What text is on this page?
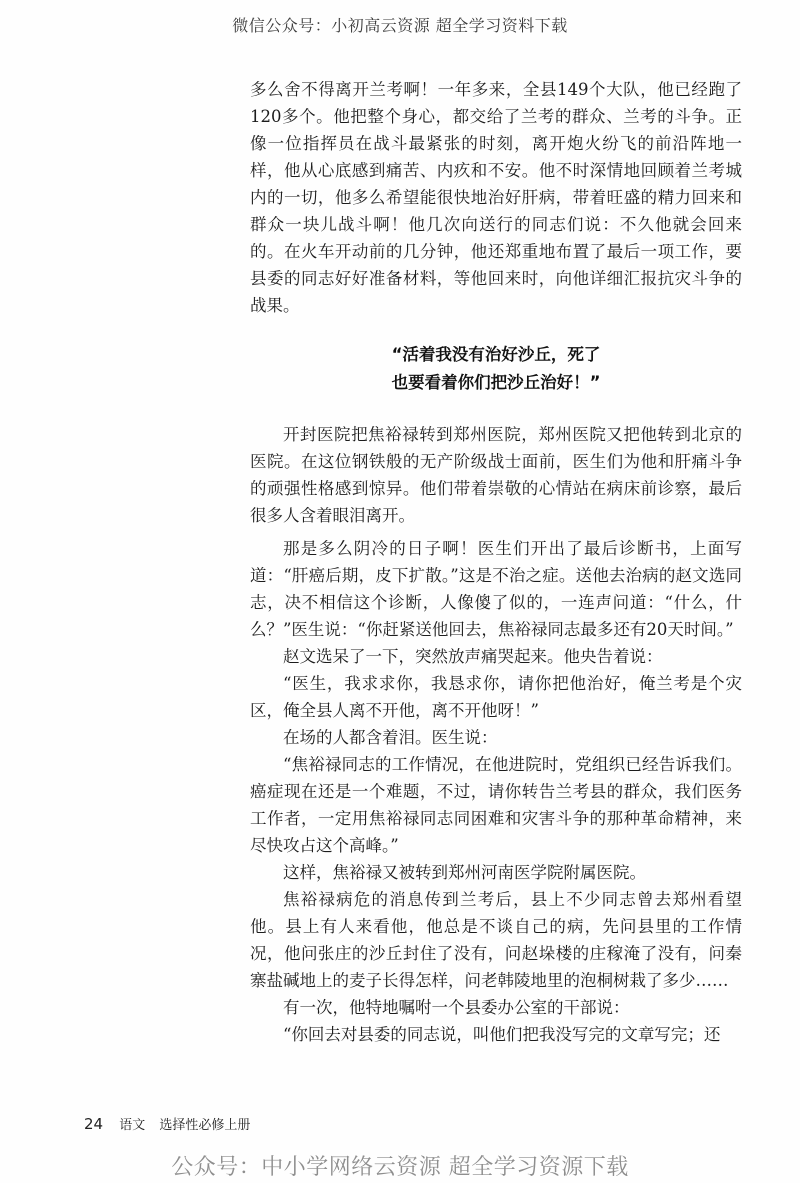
微信公众号：小初高云资源 超全学习资料下载

多么舍不得离开兰考啊！一年多来，全县149个大队，他已经跑了120多个。他把整个身心，都交给了兰考的群众、兰考的斗争。正像一位指挥员在战斗最紧张的时刻，离开炮火纷飞的前沿阵地一样，他从心底感到痛苦、内疚和不安。他不时深情地回顾着兰考城内的一切，他多么希望能很快地治好肝病，带着旺盛的精力回来和群众一块儿战斗啊！他几次向送行的同志们说：不久他就会回来的。在火车开动前的几分钟，他还郑重地布置了最后一项工作，要县委的同志好好准备材料，等他回来时，向他详细汇报抗灾斗争的战果。

“活着我没有治好沙丘，死了
也要看着你们把沙丘治好！”

开封医院把焦裕禄转到郑州医院，郑州医院又把他转到北京的医院。在这位钢铁般的无产阶级战士面前，医生们为他和肝痛斗争的顽强性格感到惊异。他们带着崇敬的心情站在病床前诊察，最后很多人含着眼泪离开。

那是多么阴冷的日子啊！医生们开出了最后诊断书，上面写道：“肝癌后期，皮下扩散。”这是不治之症。送他去治病的赵文选同志，决不相信这个诊断，人像傻了似的，一连声问道：“什么，什么？”医生说：“你赶紧送他回去，焦裕禄同志最多还有20天时间。”

赵文选呆了一下，突然放声痛哭起来。他央告着说：

“医生，我求求你，我恳求你，请你把他治好，俺兰考是个灾区，俺全县人离不开他，离不开他呀！”

在场的人都含着泪。医生说：

“焦裕禄同志的工作情况，在他进院时，党组织已经告诉我们。癌症现在还是一个难题，不过，请你转告兰考县的群众，我们医务工作者，一定用焦裕禄同志同困难和灾害斗争的那种革命精神，来尽快攻占这个高峰。”

这样，焦裕禄又被转到郑州河南医学院附属医院。

焦裕禄病危的消息传到兰考后，县上不少同志曾去郑州看望他。县上有人来看他，他总是不谈自己的病，先问县里的工作情况，他问张庄的沙丘封住了没有，问赵垛楼的庄稼淹了没有，问秦寨盐碱地上的麦子长得怎样，问老韩陵地里的泡桐树栽了多少……

有一次，他特地嘱咐一个县委办公室的干部说：

“你回去对县委的同志说，叫他们把我没写完的文章写完；还

24 语文 选择性必修上册
公众号：中小学网络云资源 超全学习资源下载
